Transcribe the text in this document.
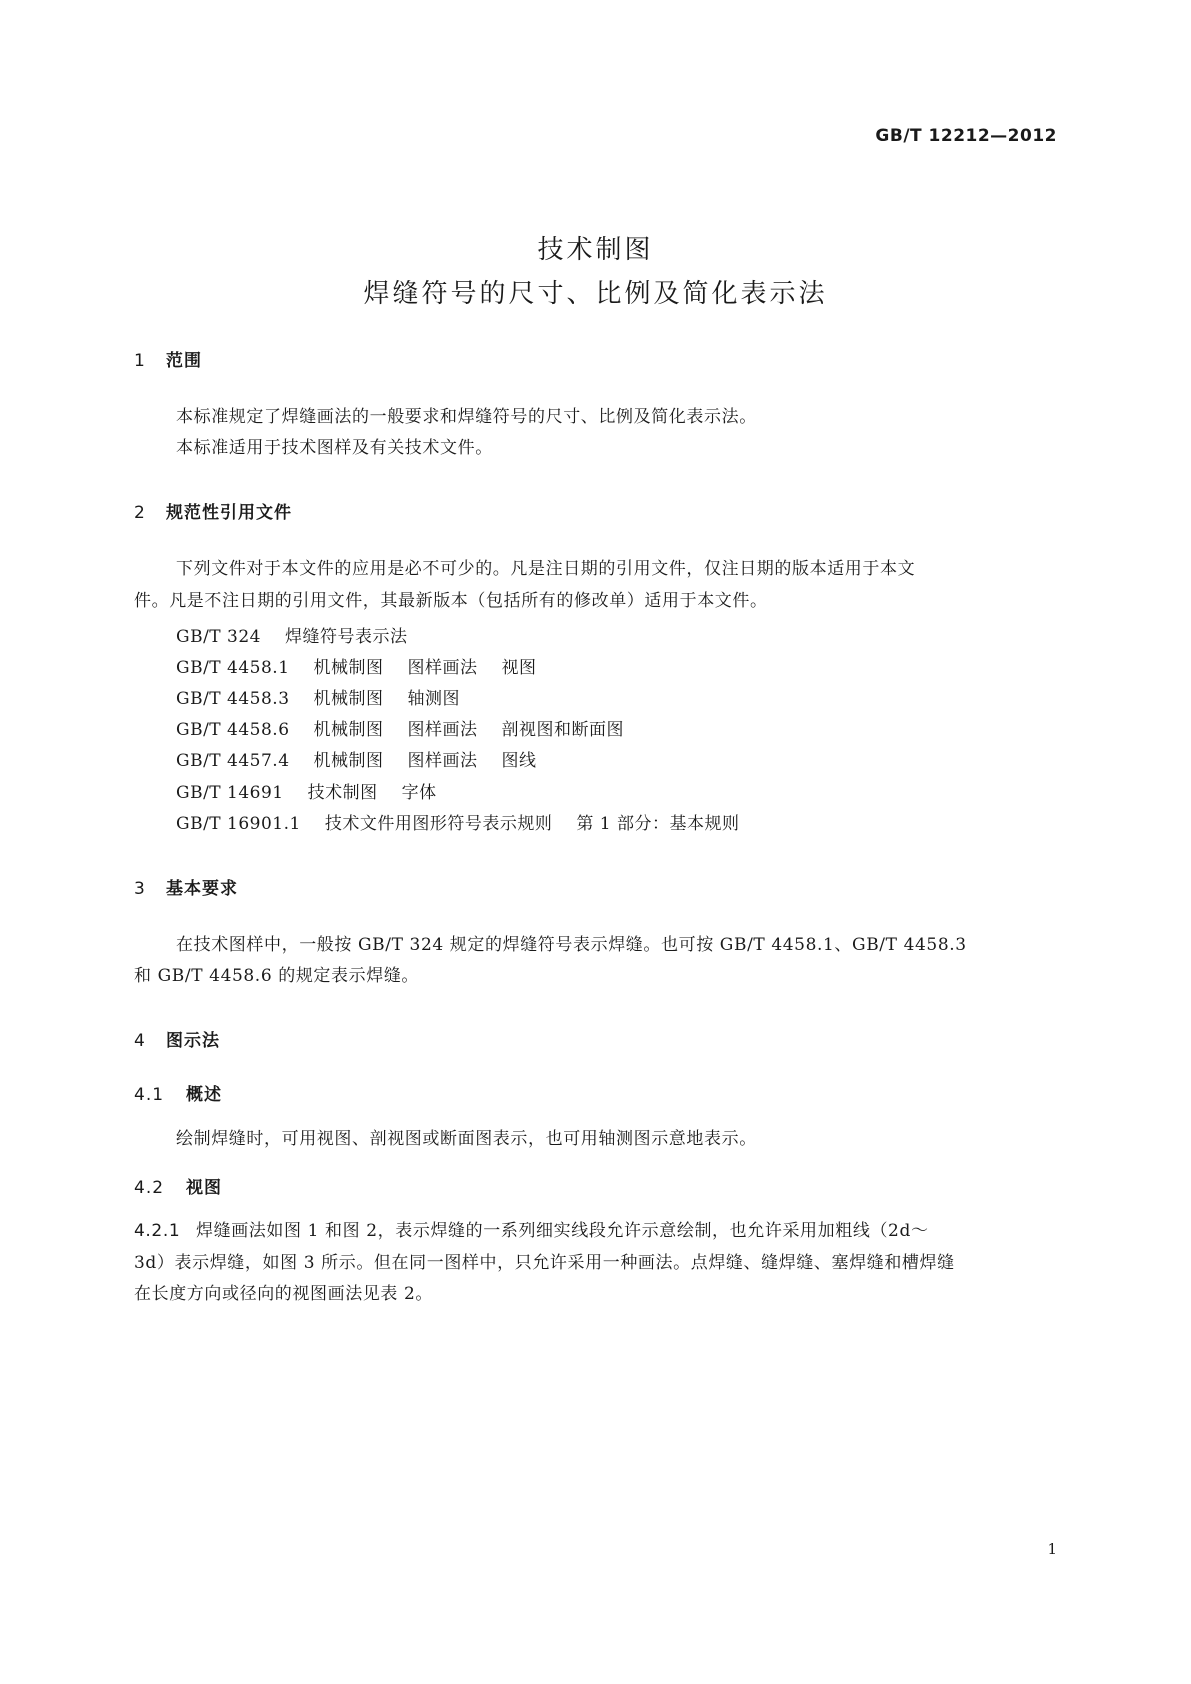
GB/T 12212—2012
技术制图
焊缝符号的尺寸、比例及简化表示法
1 范围
本标准规定了焊缝画法的一般要求和焊缝符号的尺寸、比例及简化表示法。
本标准适用于技术图样及有关技术文件。
2 规范性引用文件
下列文件对于本文件的应用是必不可少的。凡是注日期的引用文件，仅注日期的版本适用于本文
件。凡是不注日期的引用文件，其最新版本（包括所有的修改单）适用于本文件。
GB/T 324 焊缝符号表示法
GB/T 4458.1 机械制图 图样画法 视图
GB/T 4458.3 机械制图 轴测图
GB/T 4458.6 机械制图 图样画法 剖视图和断面图
GB/T 4457.4 机械制图 图样画法 图线
GB/T 14691 技术制图 字体
GB/T 16901.1 技术文件用图形符号表示规则 第 1 部分：基本规则
3 基本要求
在技术图样中，一般按 GB/T 324 规定的焊缝符号表示焊缝。也可按 GB/T 4458.1、GB/T 4458.3
和 GB/T 4458.6 的规定表示焊缝。
4 图示法
4.1 概述
绘制焊缝时，可用视图、剖视图或断面图表示，也可用轴测图示意地表示。
4.2 视图
4.2.1 焊缝画法如图 1 和图 2，表示焊缝的一系列细实线段允许示意绘制，也允许采用加粗线（2d～
3d）表示焊缝，如图 3 所示。但在同一图样中，只允许采用一种画法。点焊缝、缝焊缝、塞焊缝和槽焊缝
在长度方向或径向的视图画法见表 2。
1
